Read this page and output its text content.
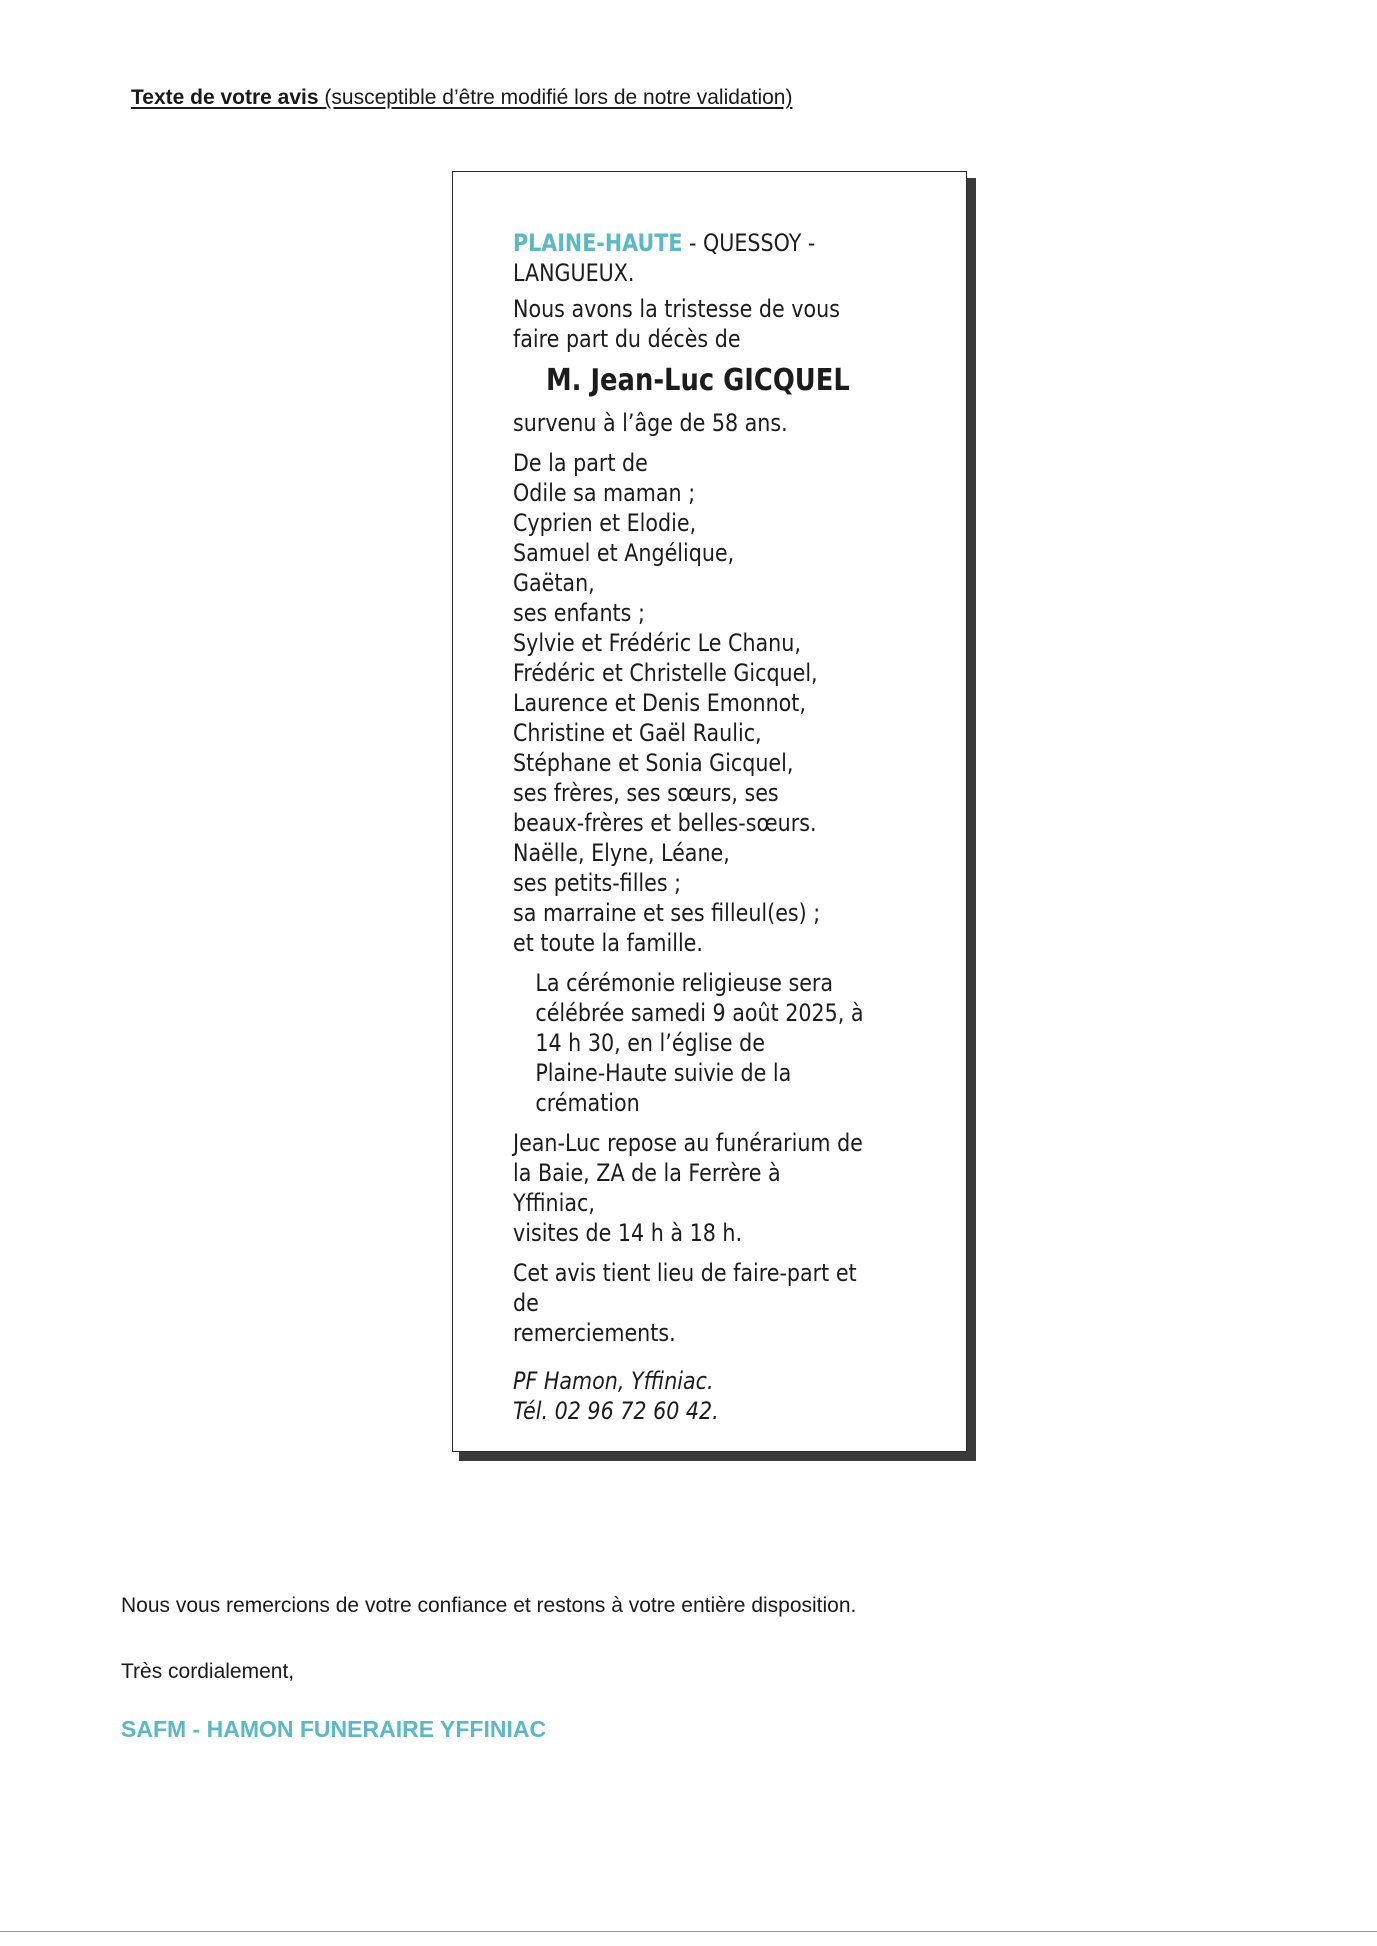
Texte de votre avis (susceptible d’être modifié lors de notre validation)

PLAINE-HAUTE - QUESSOY -

LANGUEUX.

Nous avons la tristesse de vous
faire part du décès de

M. Jean-Luc GICQUEL

survenu à l’âge de 58 ans.

De la part de
Odile sa maman ;
Cyprien et Elodie,
Samuel et Angélique,
Gaëtan,
ses enfants ;
Sylvie et Frédéric Le Chanu,
Frédéric et Christelle Gicquel,
Laurence et Denis Emonnot,
Christine et Gaël Raulic,
Stéphane et Sonia Gicquel,
ses frères, ses sœurs, ses
beaux-frères et belles-sœurs.
Naëlle, Elyne, Léane,
ses petits-filles ;
sa marraine et ses filleul(es) ;
et toute la famille.

La cérémonie religieuse sera
célébrée samedi 9 août 2025, à
14 h 30, en l’église de
Plaine-Haute suivie de la
crémation

Jean-Luc repose au funérarium de
la Baie, ZA de la Ferrère à Yffiniac,
visites de 14 h à 18 h.

Cet avis tient lieu de faire-part et de
remerciements.

PF Hamon, Yffiniac.
Tél. 02 96 72 60 42.

Nous vous remercions de votre confiance et restons à votre entière disposition.
Très cordialement,
SAFM - HAMON FUNERAIRE YFFINIAC
